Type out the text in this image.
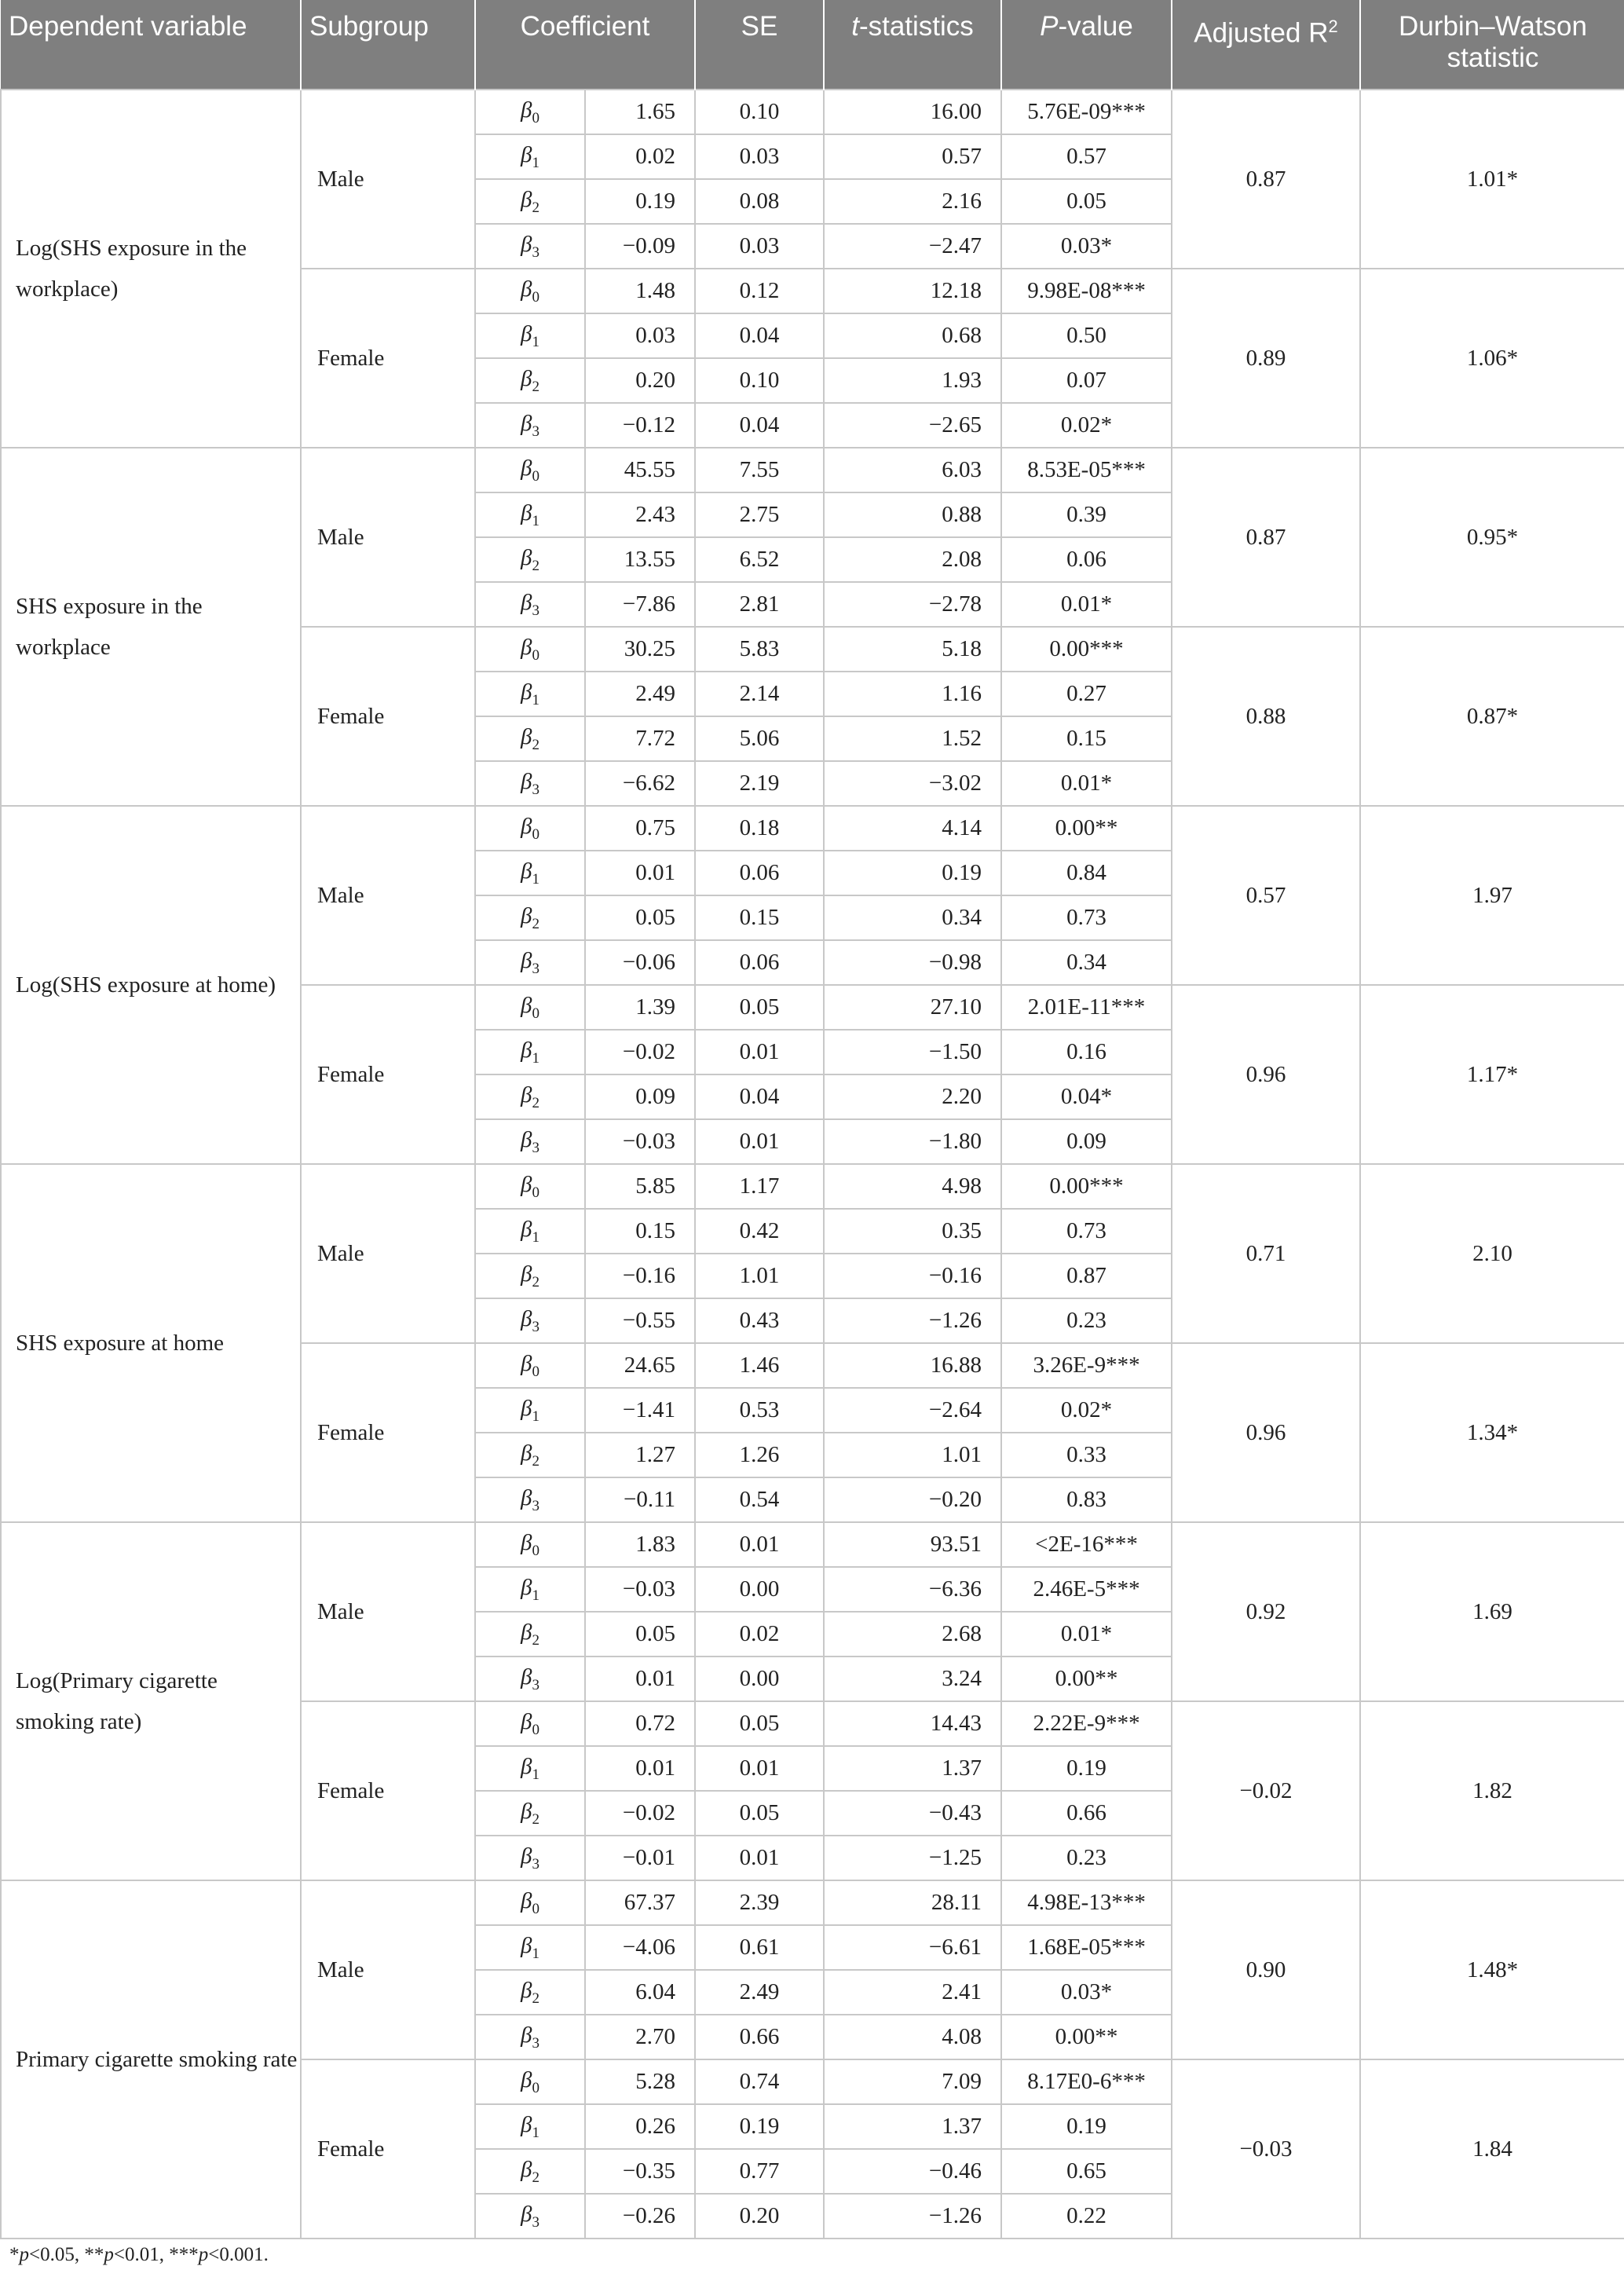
Dependent variable	Subgroup	Coefficient		SE	t-statistics	P-value	Adjusted $R^2$	Durbin–Watson statistic
Log(SHS exposure in the workplace)	Male	$\beta_0$	1.65	0.10	16.00	5.76E-09***	0.87	1.01*
		$\beta_1$	0.02	0.03	0.57	0.57		
		$\beta_2$	0.19	0.08	2.16	0.05		
		$\beta_3$	−0.09	0.03	−2.47	0.03*		
	Female	$\beta_0$	1.48	0.12	12.18	9.98E-08***	0.89	1.06*
		$\beta_1$	0.03	0.04	0.68	0.50		
		$\beta_2$	0.20	0.10	1.93	0.07		
		$\beta_3$	−0.12	0.04	−2.65	0.02*		
SHS exposure in the workplace	Male	$\beta_0$	45.55	7.55	6.03	8.53E-05***	0.87	0.95*
		$\beta_1$	2.43	2.75	0.88	0.39		
		$\beta_2$	13.55	6.52	2.08	0.06		
		$\beta_3$	−7.86	2.81	−2.78	0.01*		
	Female	$\beta_0$	30.25	5.83	5.18	0.00***	0.88	0.87*
		$\beta_1$	2.49	2.14	1.16	0.27		
		$\beta_2$	7.72	5.06	1.52	0.15		
		$\beta_3$	−6.62	2.19	−3.02	0.01*		
Log(SHS exposure at home)	Male	$\beta_0$	0.75	0.18	4.14	0.00**	0.57	1.97
		$\beta_1$	0.01	0.06	0.19	0.84		
		$\beta_2$	0.05	0.15	0.34	0.73		
		$\beta_3$	−0.06	0.06	−0.98	0.34		
	Female	$\beta_0$	1.39	0.05	27.10	2.01E-11***	0.96	1.17*
		$\beta_1$	−0.02	0.01	−1.50	0.16		
		$\beta_2$	0.09	0.04	2.20	0.04*		
		$\beta_3$	−0.03	0.01	−1.80	0.09		
SHS exposure at home	Male	$\beta_0$	5.85	1.17	4.98	0.00***	0.71	2.10
		$\beta_1$	0.15	0.42	0.35	0.73		
		$\beta_2$	−0.16	1.01	−0.16	0.87		
		$\beta_3$	−0.55	0.43	−1.26	0.23		
	Female	$\beta_0$	24.65	1.46	16.88	3.26E-9***	0.96	1.34*
		$\beta_1$	−1.41	0.53	−2.64	0.02*		
		$\beta_2$	1.27	1.26	1.01	0.33		
		$\beta_3$	−0.11	0.54	−0.20	0.83		
Log(Primary cigarette smoking rate)	Male	$\beta_0$	1.83	0.01	93.51	<2E-16***	0.92	1.69
		$\beta_1$	−0.03	0.00	−6.36	2.46E-5***		
		$\beta_2$	0.05	0.02	2.68	0.01*		
		$\beta_3$	0.01	0.00	3.24	0.00**		
	Female	$\beta_0$	0.72	0.05	14.43	2.22E-9***	−0.02	1.82
		$\beta_1$	0.01	0.01	1.37	0.19		
		$\beta_2$	−0.02	0.05	−0.43	0.66		
		$\beta_3$	−0.01	0.01	−1.25	0.23		
Primary cigarette smoking rate	Male	$\beta_0$	67.37	2.39	28.11	4.98E-13***	0.90	1.48*
		$\beta_1$	−4.06	0.61	−6.61	1.68E-05***		
		$\beta_2$	6.04	2.49	2.41	0.03*		
		$\beta_3$	2.70	0.66	4.08	0.00**		
	Female	$\beta_0$	5.28	0.74	7.09	8.17E0-6***	−0.03	1.84
		$\beta_1$	0.26	0.19	1.37	0.19		
		$\beta_2$	−0.35	0.77	−0.46	0.65		
		$\beta_3$	−0.26	0.20	−1.26	0.22		
*p<0.05, **p<0.01, ***p<0.001.
